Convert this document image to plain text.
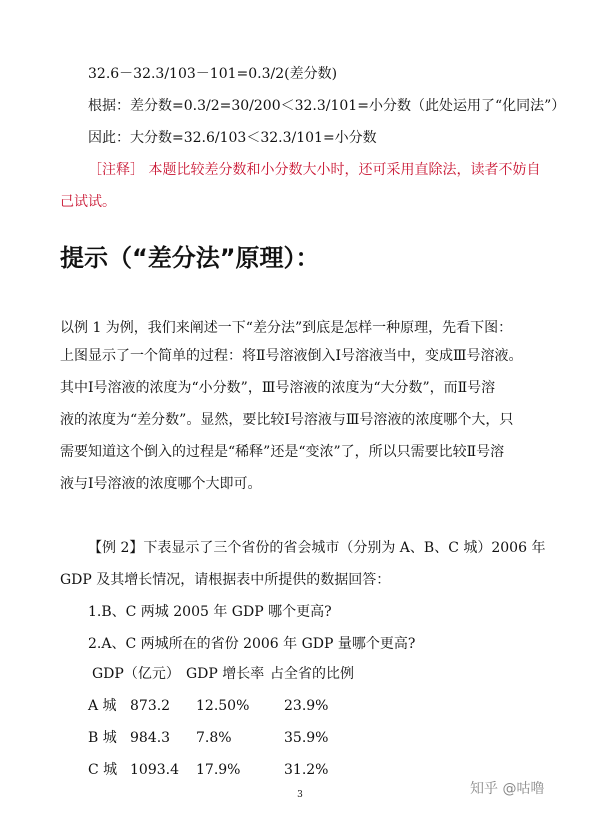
32.6－32.3/103－101=0.3/2(差分数)
根据：差分数=0.3/2=30/200＜32.3/101=小分数（此处运用了“化同法”）
因此：大分数=32.6/103＜32.3/101=小分数
［注释］ 本题比较差分数和小分数大小时，还可采用直除法，读者不妨自
己试试。
提示（“差分法”原理）：
以例 1 为例，我们来阐述一下“差分法”到底是怎样一种原理，先看下图：
上图显示了一个简单的过程：将Ⅱ号溶液倒入Ⅰ号溶液当中，变成Ⅲ号溶液。
其中Ⅰ号溶液的浓度为“小分数”，Ⅲ号溶液的浓度为“大分数”，而Ⅱ号溶
液的浓度为“差分数”。显然，要比较Ⅰ号溶液与Ⅲ号溶液的浓度哪个大，只
需要知道这个倒入的过程是“稀释”还是“变浓”了，所以只需要比较Ⅱ号溶
液与Ⅰ号溶液的浓度哪个大即可。
【例 2】下表显示了三个省份的省会城市（分别为 A、B、C 城）2006 年
GDP 及其增长情况，请根据表中所提供的数据回答：
1.B、C 两城 2005 年 GDP 哪个更高?
2.A、C 两城所在的省份 2006 年 GDP 量哪个更高?
GDP（亿元） GDP 增长率 占全省的比例
A 城 873.2 12.50% 23.9%
B 城 984.3 7.8%	35.9%
C 城 1093.4 17.9%	31.2%
3	知乎 @咕噜
